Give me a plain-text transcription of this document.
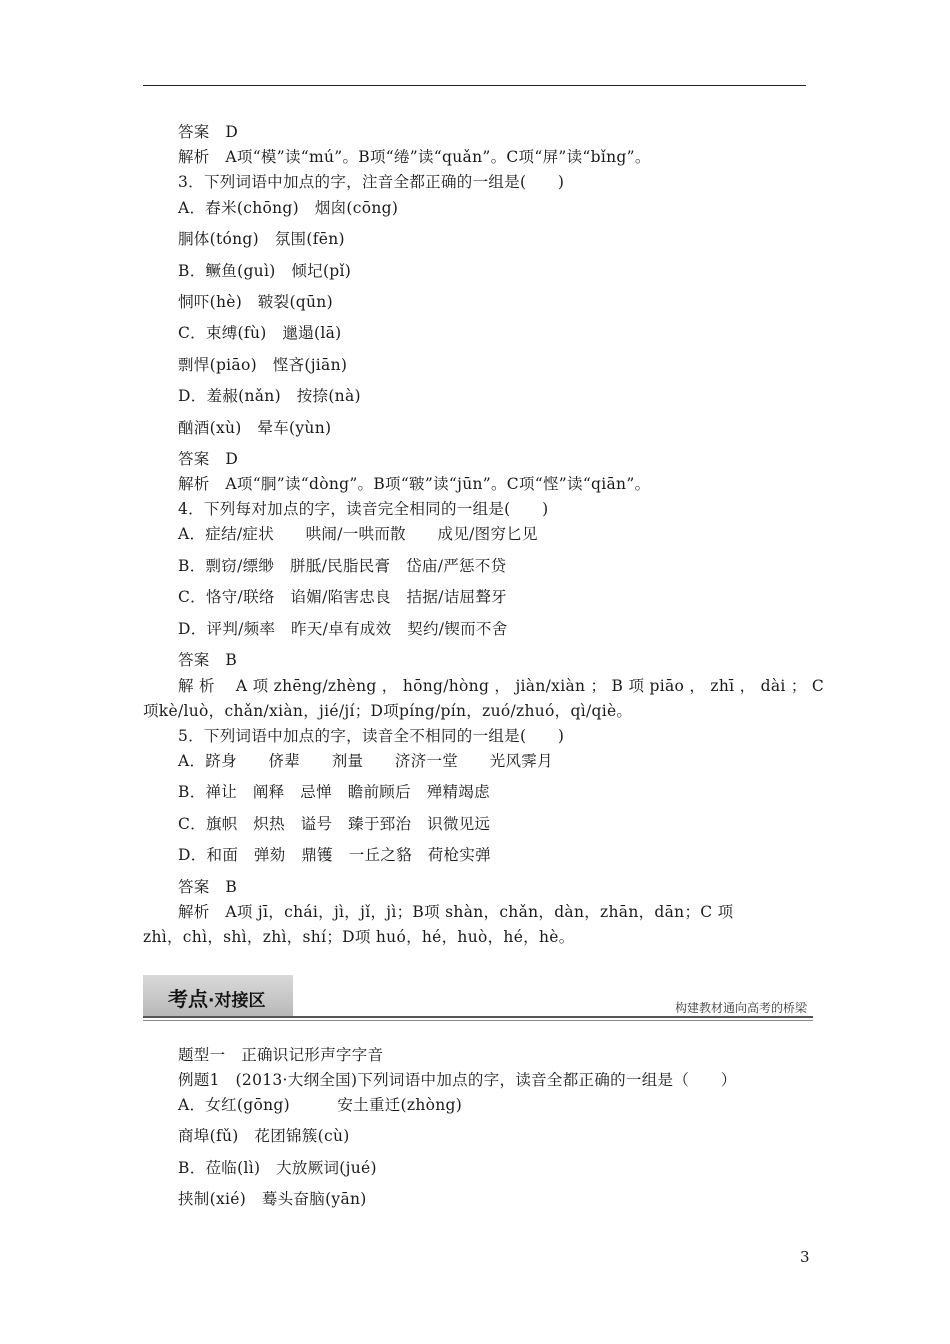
答案　D
解析　A项“模”读“mú”。B项“绻”读“quǎn”。C项“屏”读“bǐng”。
3．下列词语中加点的字，注音全都正确的一组是(　　)
A．舂米(chōng)　烟囱(cōng)
胴体(tóng)　氛围(fēn)
B．鳜鱼(guì)　倾圮(pǐ)
恫吓(hè)　皲裂(qūn)
C．束缚(fù)　邋遢(lā)
剽悍(piāo)　悭吝(jiān)
D．羞赧(nǎn)　按捺(nà)
酗酒(xù)　晕车(yùn)
答案　D
解析　A项“胴”读“dòng”。B项“皲”读“jūn”。C项“悭”读“qiān”。
4．下列每对加点的字，读音完全相同的一组是(　　)
A．症结/症状　　哄闹/一哄而散　　成见/图穷匕见
B．剽窃/缥缈　胼胝/民脂民膏　岱庙/严惩不贷
C．恪守/联络　谄媚/陷害忠良　拮据/诘屈聱牙
D．评判/频率　昨天/卓有成效　契约/锲而不舍
答案　B
解 析　 A 项 zhēng/zhèng ， hōng/hòng ， jiàn/xiàn ； B 项 piāo ， zhī ， dài ； C
项kè/luò，chǎn/xiàn，jié/jí；D项píng/pín，zuó/zhuó，qì/qiè。
5．下列词语中加点的字，读音全不相同的一组是(　　)
A．跻身　　侪辈　　剂量　　济济一堂　　光风霁月
B．禅让　阐释　忌惮　瞻前顾后　殚精竭虑
C．旗帜　炽热　谥号　臻于郅治　识微见远
D．和面　弹劾　鼎镬　一丘之貉　荷枪实弹
答案　B
解析　A项 jī，chái，jì，jǐ，jì；B项 shàn，chǎn，dàn，zhān，dān；C 项
zhì，chì，shì，zhì，shí；D项 huó，hé，huò，hé，hè。
考点·对接区	构建教材通向高考的桥梁
题型一　正确识记形声字字音
例题1　(2013·大纲全国)下列词语中加点的字，读音全都正确的一组是（　　）
A．女红(gōng)　　　安土重迁(zhòng)
商埠(fǔ)　花团锦簇(cù)
B．莅临(lì)　大放厥词(jué)
挟制(xié)　蓦头奋脑(yān)
3
